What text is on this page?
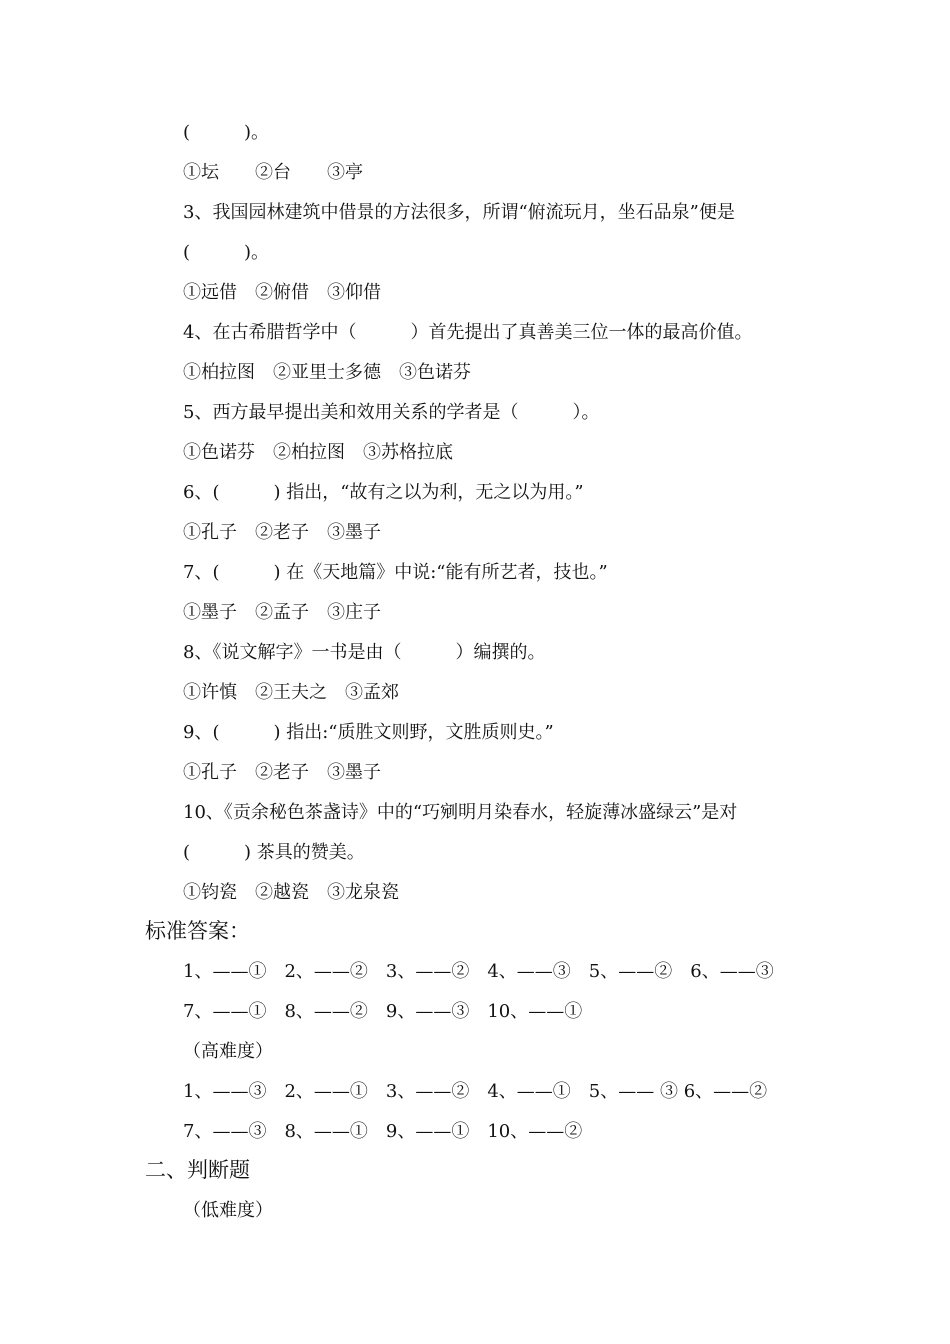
(　　　)。
①坛　　②台　　③亭
3、我国园林建筑中借景的方法很多，所谓“俯流玩月，坐石品泉”便是
(　　　)。
①远借　②俯借　③仰借
4、在古希腊哲学中（　　　）首先提出了真善美三位一体的最高价值。
①柏拉图　②亚里士多德　③色诺芬
5、西方最早提出美和效用关系的学者是（　　　）。
①色诺芬　②柏拉图　③苏格拉底
6、(　　　) 指出，“故有之以为利，无之以为用。”
①孔子　②老子　③墨子
7、(　　　) 在《天地篇》中说:“能有所艺者，技也。”
①墨子　②孟子　③庄子
8、《说文解字》一书是由（　　　）编撰的。
①许慎　②王夫之　③孟郊
9、(　　　) 指出:“质胜文则野，文胜质则史。”
①孔子　②老子　③墨子
10、《贡余秘色茶盏诗》中的“巧剜明月染春水，轻旋薄冰盛绿云”是对
(　　　) 茶具的赞美。
①钧瓷　②越瓷　③龙泉瓷
标准答案：
1、——①　2、——②　3、——②　4、——③　5、——②　6、——③
7、——①　8、——②　9、——③　10、——①
（高难度）
1、——③　2、——①　3、——②　4、——①　5、—— ③ 6、——②
7、——③　8、——①　9、——①　10、——②
二、判断题
（低难度）
